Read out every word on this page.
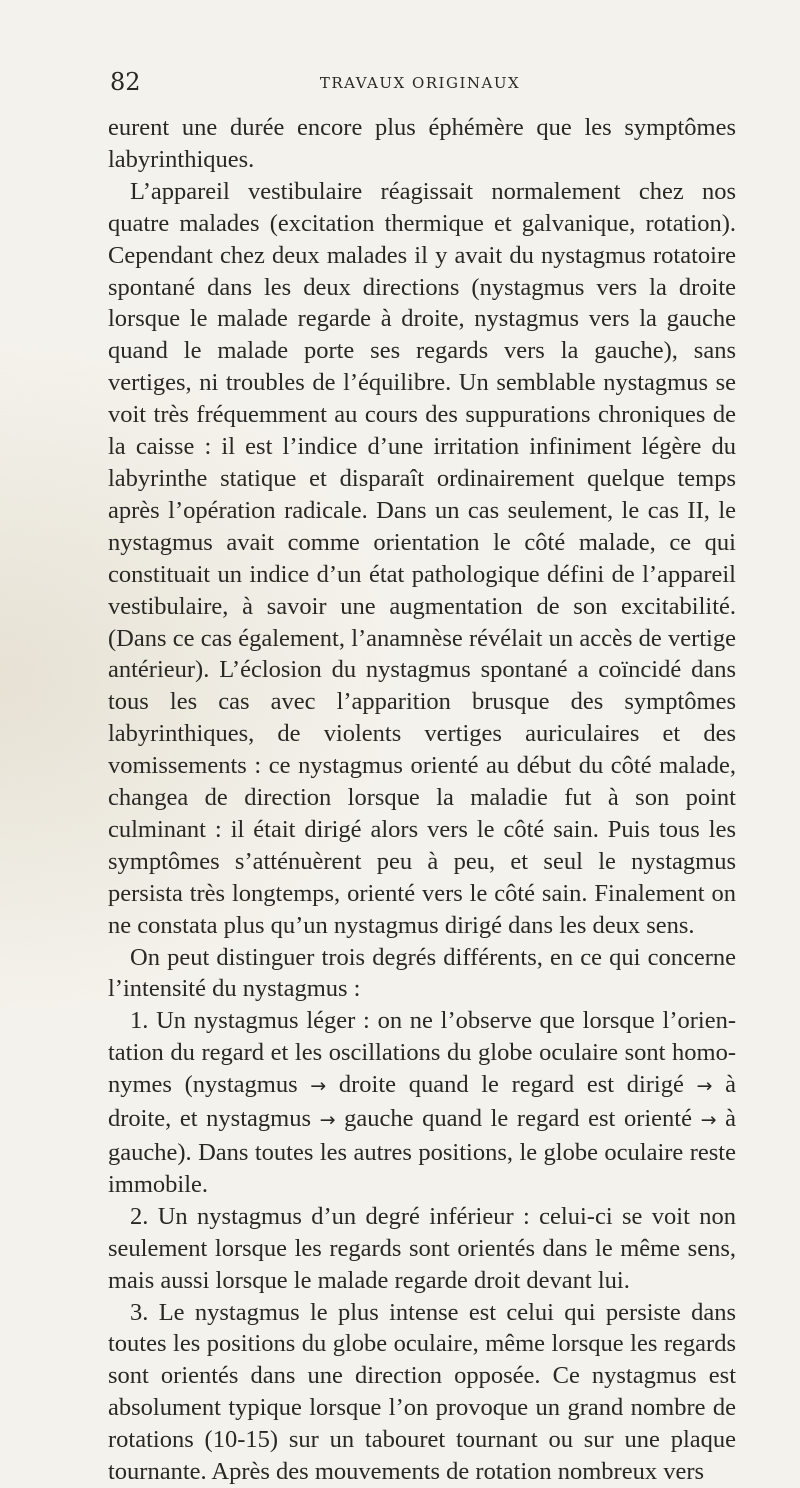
82	TRAVAUX ORIGINAUX

eurent une durée encore plus éphémère que les symptômes labyrinthiques.

L’appareil vestibulaire réagissait normalement chez nos quatre malades (excitation thermique et galvanique, rotation). Cependant chez deux malades il y avait du nystagmus rotatoire spontané dans les deux directions (nystagmus vers la droite lorsque le malade regarde à droite, nystagmus vers la gauche quand le malade porte ses regards vers la gauche), sans vertiges, ni troubles de l’équilibre. Un semblable nystagmus se voit très fréquemment au cours des suppurations chroniques de la caisse : il est l’indice d’une irritation infiniment légère du labyrinthe statique et disparaît ordinairement quelque temps après l’opération radicale. Dans un cas seulement, le cas II, le nystagmus avait comme orientation le côté malade, ce qui constituait un indice d’un état pathologique défini de l’appareil vestibulaire, à savoir une augmentation de son excitabilité. (Dans ce cas également, l’anamnèse révélait un accès de vertige antérieur). L’éclosion du nystagmus spontané a coïncidé dans tous les cas avec l’apparition brusque des symptômes labyrinthiques, de violents vertiges auriculaires et des vomissements : ce nystagmus orienté au début du côté malade, changea de direction lorsque la maladie fut à son point culminant : il était dirigé alors vers le côté sain. Puis tous les symptômes s’atténuèrent peu à peu, et seul le nystagmus persista très longtemps, orienté vers le côté sain. Finalement on ne constata plus qu’un nystagmus dirigé dans les deux sens.

On peut distinguer trois degrés différents, en ce qui concerne l’intensité du nystagmus :

1. Un nystagmus léger : on ne l’observe que lorsque l’orientation du regard et les oscillations du globe oculaire sont homonymes (nystagmus → droite quand le regard est dirigé → à droite, et nystagmus → gauche quand le regard est orienté → à gauche). Dans toutes les autres positions, le globe oculaire reste immobile.

2. Un nystagmus d’un degré inférieur : celui-ci se voit non seulement lorsque les regards sont orientés dans le même sens, mais aussi lorsque le malade regarde droit devant lui.

3. Le nystagmus le plus intense est celui qui persiste dans toutes les positions du globe oculaire, même lorsque les regards sont orientés dans une direction opposée. Ce nystagmus est absolument typique lorsque l’on provoque un grand nombre de rotations (10-15) sur un tabouret tournant ou sur une plaque tournante. Après des mouvements de rotation nombreux vers
